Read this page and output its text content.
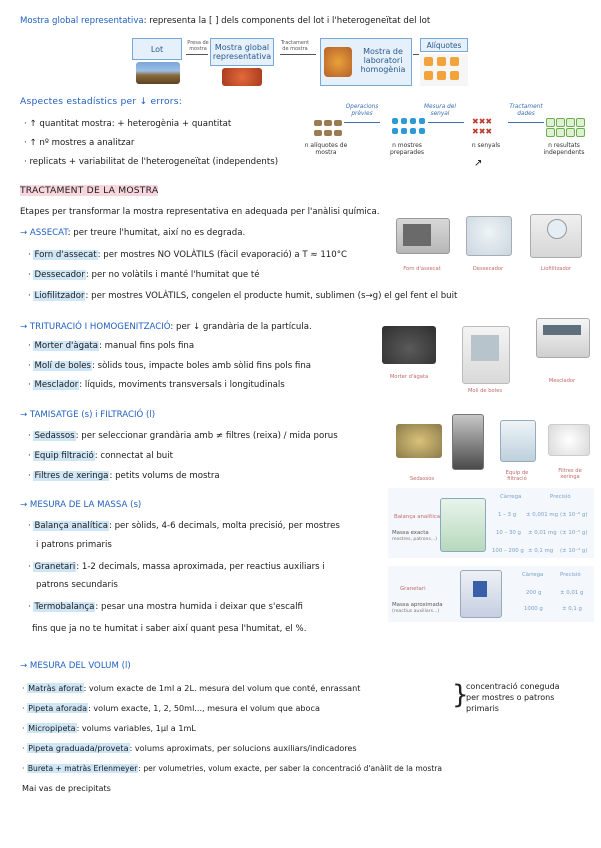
Mostra global representativa: representa la [ ] dels components del lot i l'heterogeneïtat del lot
Lot
Presa de mostra	Mostra global representativa
Tractament de mostra	Mostra de laboratori homogènia
Alíquotes
Aspectes estadístics per ↓ errors:
· ↑ quantitat mostra: + heterogènia + quantitat
· ↑ nº mostres a analitzar
· replicats + variabilitat de l'heterogeneïtat (independents)
Operacions prèvies
Mesura del senyal
Tractament dades
✖✖✖
✖✖✖
n alíquotes de mostra
n mostres preparades
n senyals	n resultats independents
↗
TRACTAMENT DE LA MOSTRA
Etapes per transformar la mostra representativa en adequada per l'anàlisi química.
→ ASSECAT: per treure l'humitat, així no es degrada.
· Forn d'assecat: per mostres NO VOLÀTILS (fàcil evaporació) a T ≈ 110°C
· Dessecador: per no volàtils i manté l'humitat que té
· Liofilitzador: per mostres VOLÀTILS, congelen el producte humit, sublimen (s→g) el gel fent el buit
Forn d'assecat	Dessecador	Liofilitzador
→ TRITURACIÓ I HOMOGENITZACIÓ: per ↓ grandària de la partícula.
· Morter d'àgata: manual fins pols fina
· Molí de boles: sòlids tous, impacte boles amb sòlid fins pols fina
· Mesclador: líquids, moviments transversals i longitudinals
Morter d'àgata
Molí de boles
Mesclador
→ TAMISATGE (s) i FILTRACIÓ (l)
· Sedassos: per seleccionar grandària amb ≠ filtres (reixa) / mida porus
· Equip filtració: connectat al buit
· Filtres de xeringa: petits volums de mostra	Sedassos
Equip de filtració
Filtres de xeringa
→ MESURA DE LA MASSA (s)
· Balança analítica: per sòlids, 4-6 decimals, molta precisió, per mostres
i patrons primaris
· Granetari: 1-2 decimals, massa aproximada, per reactius auxiliars i
patrons secundaris
· Termobalança: pesar una mostra humida i deixar que s'escalfi
fins que ja no te humitat i saber així quant pesa l'humitat, el %.
Balança analítica
Massa exacta
mostres, patrons...)
Càrrega	Precisió
1 – 3 g ± 0,001 mg (± 10⁻⁶ g)
10 – 30 g ± 0,01 mg (± 10⁻⁵ g)
100 – 200 g ± 0,1 mg (± 10⁻⁴ g)
Granetari
Massa aproximada
(reactius auxiliars...)
Càrrega	Precisió
200 g	± 0,01 g
1000 g	± 0,1 g
→ MESURA DEL VOLUM (l)
· Matràs aforat: volum exacte de 1ml a 2L. mesura del volum que conté, enrassant
· Pipeta aforada: volum exacte, 1, 2, 50ml..., mesura el volum que aboca
· Micropipeta: volums variables, 1µl a 1mL
· Pipeta graduada/proveta: volums aproximats, per solucions auxiliars/indicadores
· Bureta + matràs Erlenmeyer: per volumetries, volum exacte, per saber la concentració d'anàlit de la mostra
Mai vas de precipitats
}
concentració coneguda
per mostres o patrons
primaris
